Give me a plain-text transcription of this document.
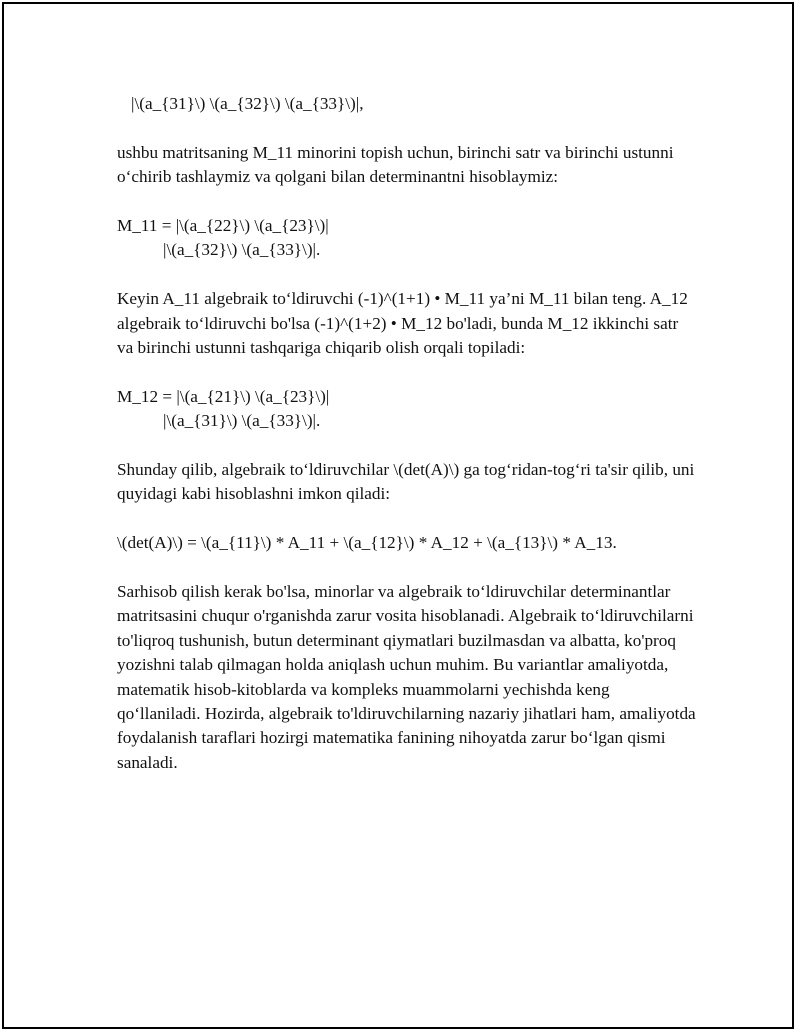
|\(a_{31}\) \(a_{32}\) \(a_{33}\)|,

ushbu matritsaning M_11 minorini topish uchun, birinchi satr va birinchi ustunni o‘chirib tashlaymiz va qolgani bilan determinantni hisoblaymiz:

M_11 = |\(a_{22}\) \(a_{23}\)|
|\(a_{32}\) \(a_{33}\)|.

Keyin A_11 algebraik to‘ldiruvchi (-1)^(1+1) • M_11 ya’ni M_11 bilan teng. A_12 algebraik to‘ldiruvchi bo'lsa (-1)^(1+2) • M_12 bo'ladi, bunda M_12 ikkinchi satr va birinchi ustunni tashqariga chiqarib olish orqali topiladi:

M_12 = |\(a_{21}\) \(a_{23}\)|
|\(a_{31}\) \(a_{33}\)|.

Shunday qilib, algebraik to‘ldiruvchilar \(det(A)\) ga tog‘ridan-tog‘ri ta'sir qilib, uni quyidagi kabi hisoblashni imkon qiladi:

\(det(A)\) = \(a_{11}\) * A_11 + \(a_{12}\) * A_12 + \(a_{13}\) * A_13.

Sarhisob qilish kerak bo'lsa, minorlar va algebraik to‘ldiruvchilar determinantlar matritsasini chuqur o'rganishda zarur vosita hisoblanadi. Algebraik to‘ldiruvchilarni to'liqroq tushunish, butun determinant qiymatlari buzilmasdan va albatta, ko'proq yozishni talab qilmagan holda aniqlash uchun muhim. Bu variantlar amaliyotda, matematik hisob-kitoblarda va kompleks muammolarni yechishda keng qo‘llaniladi. Hozirda, algebraik to'ldiruvchilarning nazariy jihatlari ham, amaliyotda foydalanish taraflari hozirgi matematika fanining nihoyatda zarur bo‘lgan qismi sanaladi.
